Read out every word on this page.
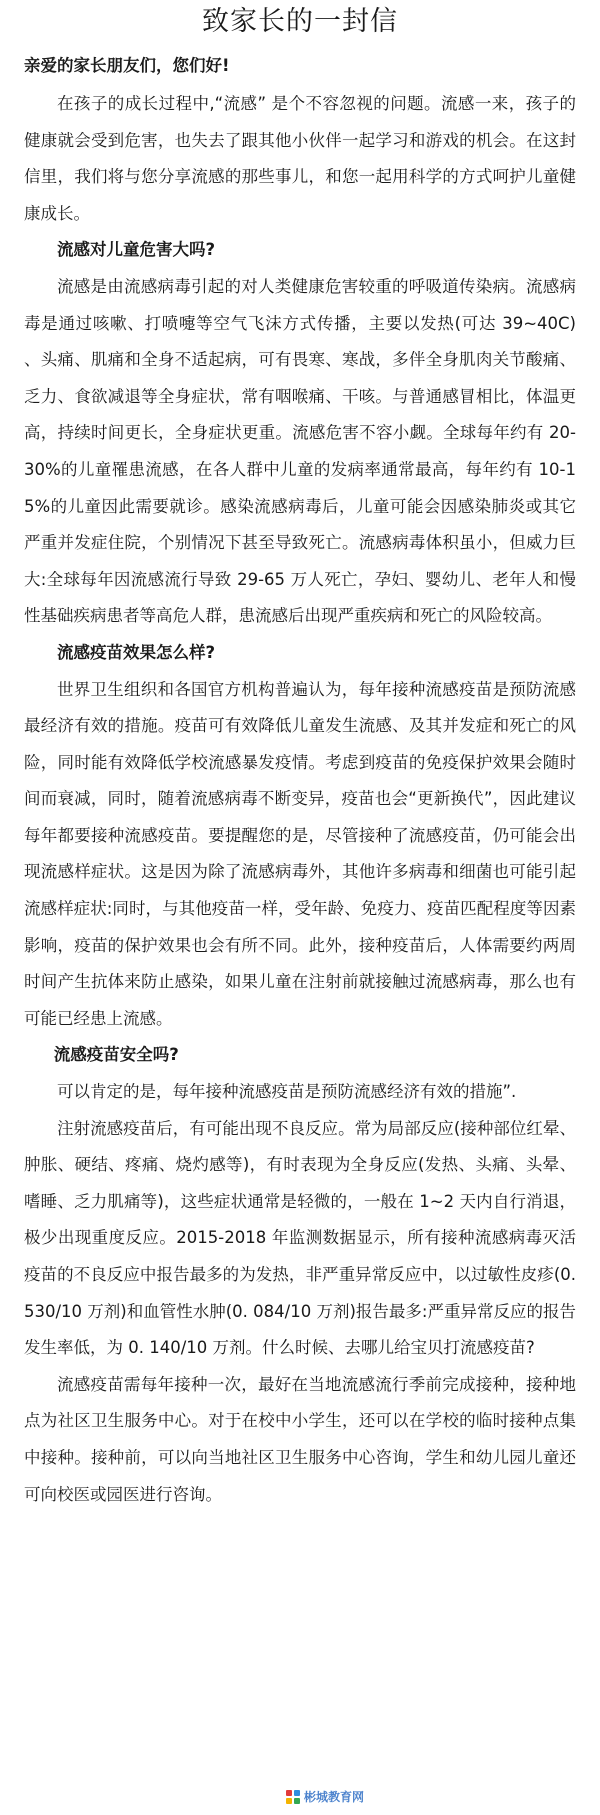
致家长的一封信

亲爱的家长朋友们，您们好!

在孩子的成长过程中,“流感” 是个不容忽视的问题。流感一来，孩子的健康就会受到危害，也失去了跟其他小伙伴一起学习和游戏的机会。在这封信里，我们将与您分享流感的那些事儿，和您一起用科学的方式呵护儿童健康成长。

流感对儿童危害大吗?

流感是由流感病毒引起的对人类健康危害较重的呼吸道传染病。流感病毒是通过咳嗽、打喷嚏等空气飞沫方式传播，主要以发热(可达 39~40C) 、头痛、肌痛和全身不适起病，可有畏寒、寒战，多伴全身肌肉关节酸痛、乏力、食欲减退等全身症状，常有咽喉痛、干咳。与普通感冒相比，体温更高，持续时间更长，全身症状更重。流感危害不容小觑。全球每年约有 20-30%的儿童罹患流感，在各人群中儿童的发病率通常最高，每年约有 10-15%的儿童因此需要就诊。感染流感病毒后，儿童可能会因感染肺炎或其它严重并发症住院，个别情况下甚至导致死亡。流感病毒体积虽小，但威力巨大:全球每年因流感流行导致 29-65 万人死亡，孕妇、婴幼儿、老年人和慢性基础疾病患者等高危人群，患流感后出现严重疾病和死亡的风险较高。

流感疫苗效果怎么样?

世界卫生组织和各国官方机构普遍认为，每年接种流感疫苗是预防流感最经济有效的措施。疫苗可有效降低儿童发生流感、及其并发症和死亡的风险，同时能有效降低学校流感暴发疫情。考虑到疫苗的免疫保护效果会随时间而衰减，同时，随着流感病毒不断变异，疫苗也会“更新换代”，因此建议每年都要接种流感疫苗。要提醒您的是，尽管接种了流感疫苗，仍可能会出现流感样症状。这是因为除了流感病毒外，其他许多病毒和细菌也可能引起流感样症状:同时，与其他疫苗一样，受年龄、免疫力、疫苗匹配程度等因素影响，疫苗的保护效果也会有所不同。此外，接种疫苗后，人体需要约两周时间产生抗体来防止感染，如果儿童在注射前就接触过流感病毒，那么也有可能已经患上流感。

流感疫苗安全吗?

可以肯定的是，每年接种流感疫苗是预防流感经济有效的措施”.

注射流感疫苗后，有可能出现不良反应。常为局部反应(接种部位红晕、肿胀、硬结、疼痛、烧灼感等)，有时表现为全身反应(发热、头痛、头晕、嗜睡、乏力肌痛等)，这些症状通常是轻微的，一般在 1~2 天内自行消退，极少出现重度反应。2015-2018 年监测数据显示，所有接种流感病毒灭活疫苗的不良反应中报告最多的为发热，非严重异常反应中，以过敏性皮疹(0. 530/10 万剂)和血管性水肿(0. 084/10 万剂)报告最多:严重异常反应的报告发生率低，为 0. 140/10 万剂。什么时候、去哪儿给宝贝打流感疫苗?

流感疫苗需每年接种一次，最好在当地流感流行季前完成接种，接种地点为社区卫生服务中心。对于在校中小学生，还可以在学校的临时接种点集中接种。接种前，可以向当地社区卫生服务中心咨询，学生和幼儿园儿童还可向校医或园医进行咨询。

彬城教育网
